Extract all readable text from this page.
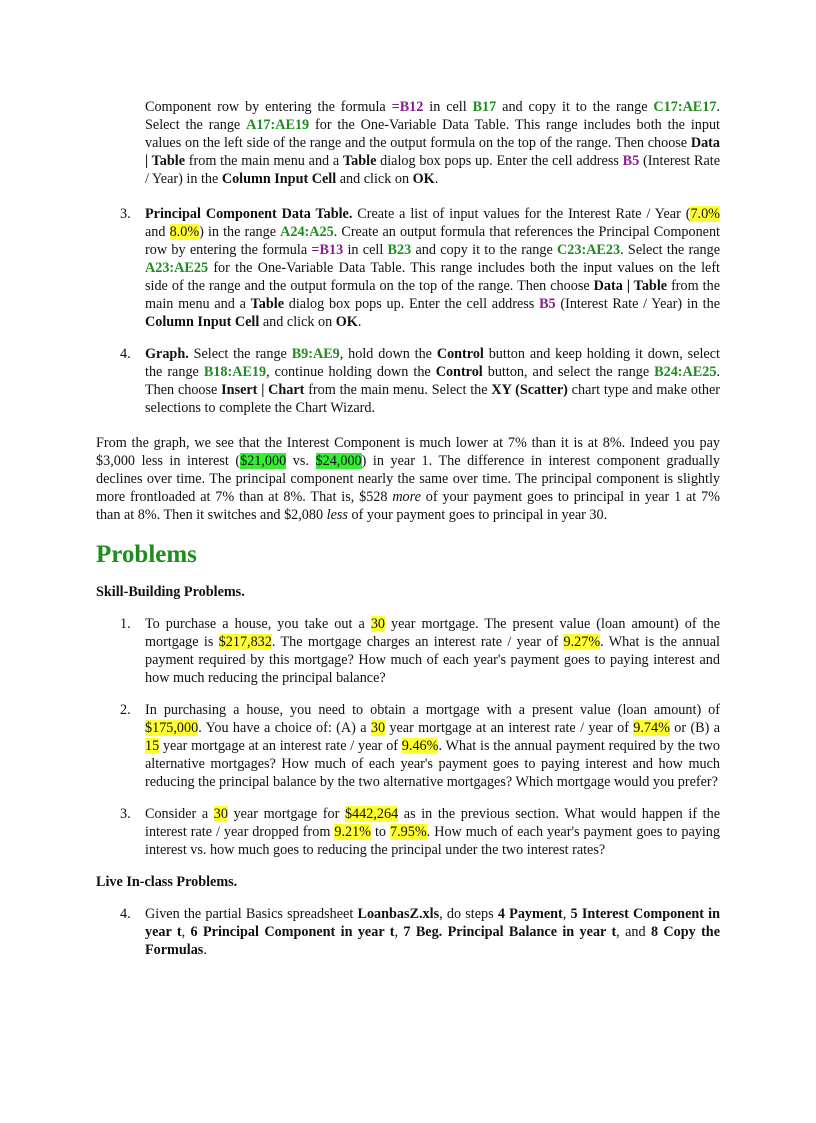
Component row by entering the formula =B12 in cell B17 and copy it to the range C17:AE17. Select the range A17:AE19 for the One-Variable Data Table. This range includes both the input values on the left side of the range and the output formula on the top of the range. Then choose Data | Table from the main menu and a Table dialog box pops up. Enter the cell address B5 (Interest Rate / Year) in the Column Input Cell and click on OK.

3. Principal Component Data Table. Create a list of input values for the Interest Rate / Year (7.0% and 8.0%) in the range A24:A25. Create an output formula that references the Principal Component row by entering the formula =B13 in cell B23 and copy it to the range C23:AE23. Select the range A23:AE25 for the One-Variable Data Table. This range includes both the input values on the left side of the range and the output formula on the top of the range. Then choose Data | Table from the main menu and a Table dialog box pops up. Enter the cell address B5 (Interest Rate / Year) in the Column Input Cell and click on OK.

4. Graph. Select the range B9:AE9, hold down the Control button and keep holding it down, select the range B18:AE19, continue holding down the Control button, and select the range B24:AE25. Then choose Insert | Chart from the main menu. Select the XY (Scatter) chart type and make other selections to complete the Chart Wizard.

From the graph, we see that the Interest Component is much lower at 7% than it is at 8%. Indeed you pay $3,000 less in interest ($21,000 vs. $24,000) in year 1. The difference in interest component gradually declines over time. The principal component nearly the same over time. The principal component is slightly more frontloaded at 7% than at 8%. That is, $528 more of your payment goes to principal in year 1 at 7% than at 8%. Then it switches and $2,080 less of your payment goes to principal in year 30.

Problems

Skill-Building Problems.

1. To purchase a house, you take out a 30 year mortgage. The present value (loan amount) of the mortgage is $217,832. The mortgage charges an interest rate / year of 9.27%. What is the annual payment required by this mortgage? How much of each year's payment goes to paying interest and how much reducing the principal balance?

2. In purchasing a house, you need to obtain a mortgage with a present value (loan amount) of $175,000. You have a choice of: (A) a 30 year mortgage at an interest rate / year of 9.74% or (B) a 15 year mortgage at an interest rate / year of 9.46%. What is the annual payment required by the two alternative mortgages? How much of each year's payment goes to paying interest and how much reducing the principal balance by the two alternative mortgages? Which mortgage would you prefer?

3. Consider a 30 year mortgage for $442,264 as in the previous section. What would happen if the interest rate / year dropped from 9.21% to 7.95%. How much of each year's payment goes to paying interest vs. how much goes to reducing the principal under the two interest rates?

Live In-class Problems.

4. Given the partial Basics spreadsheet LoanbasZ.xls, do steps 4 Payment, 5 Interest Component in year t, 6 Principal Component in year t, 7 Beg. Principal Balance in year t, and 8 Copy the Formulas.
